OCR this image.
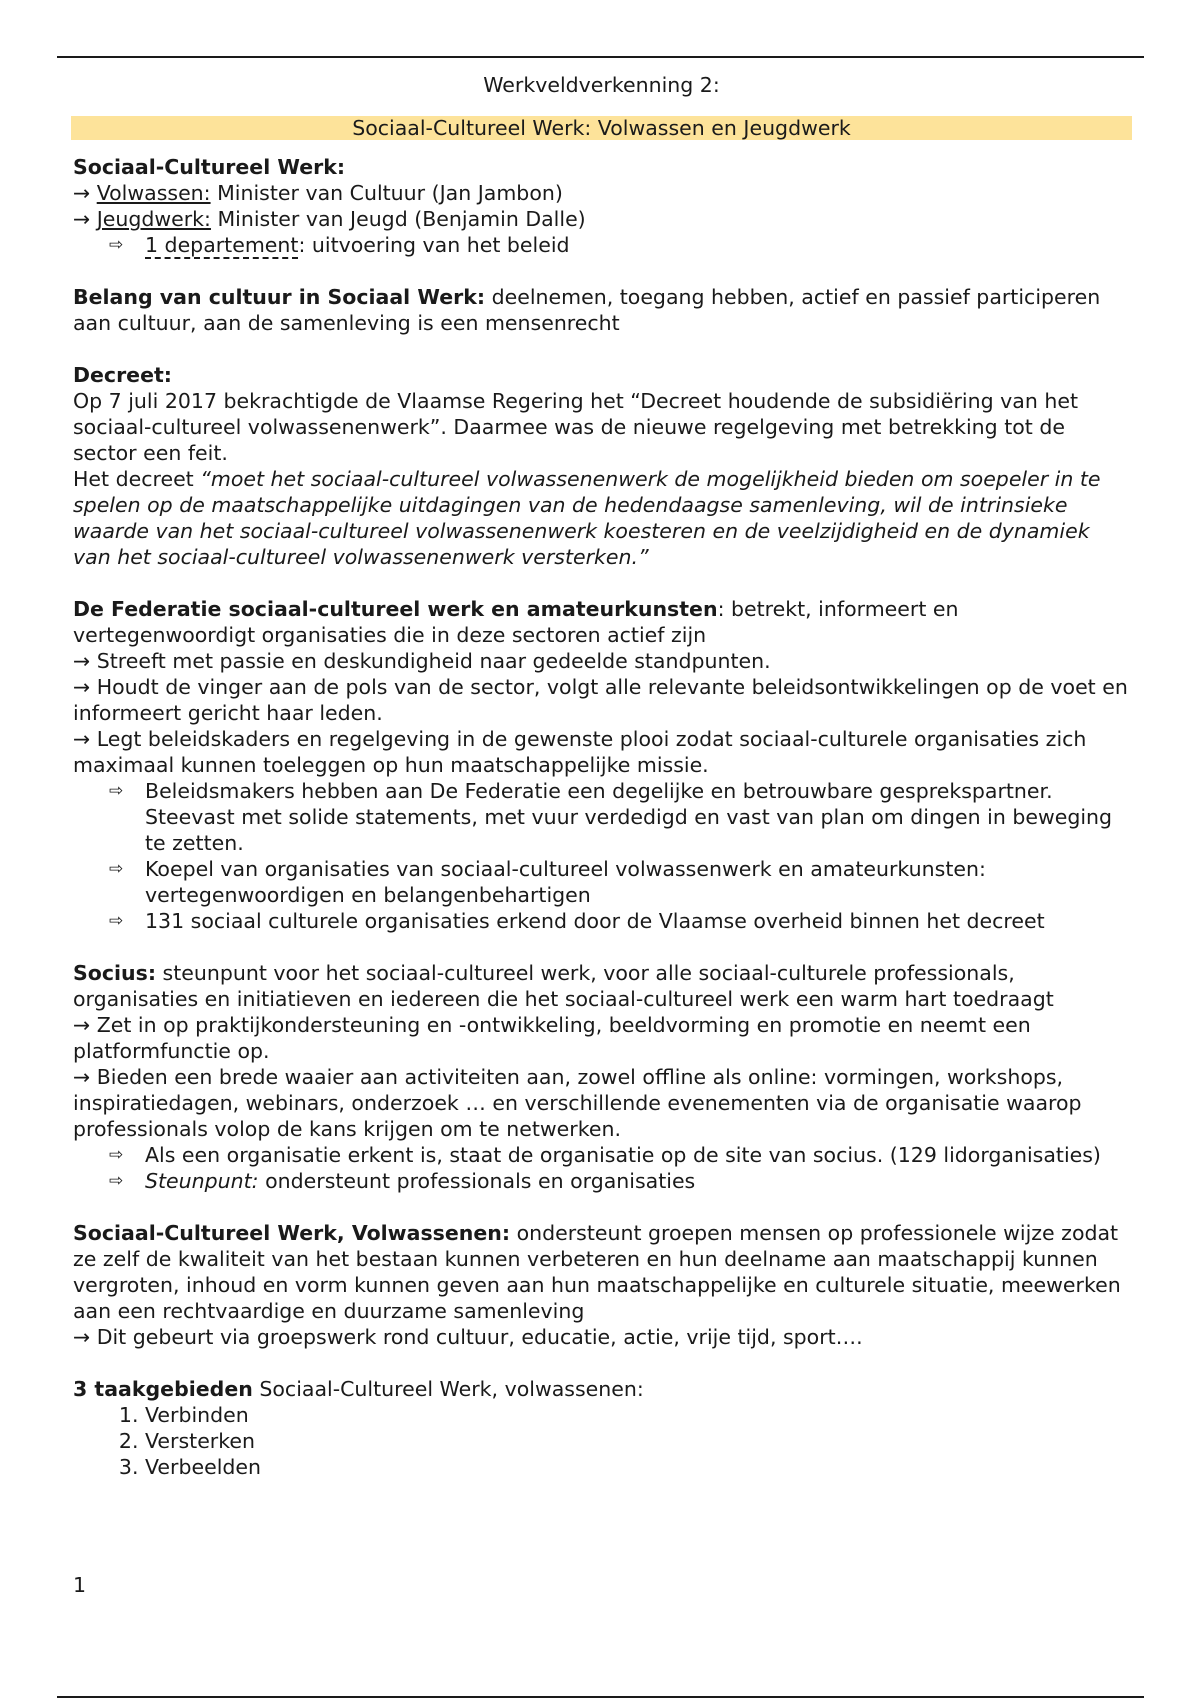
Werkveldverkenning 2:

Sociaal-Cultureel Werk: Volwassen en Jeugdwerk

Sociaal-Cultureel Werk:

→ Volwassen: Minister van Cultuur (Jan Jambon)

→ Jeugdwerk: Minister van Jeugd (Benjamin Dalle)

⇨ 1 departement: uitvoering van het beleid

Belang van cultuur in Sociaal Werk: deelnemen, toegang hebben, actief en passief participeren aan cultuur, aan de samenleving is een mensenrecht

Decreet:

Op 7 juli 2017 bekrachtigde de Vlaamse Regering het “Decreet houdende de subsidiëring van het sociaal-cultureel volwassenenwerk”. Daarmee was de nieuwe regelgeving met betrekking tot de sector een feit.

Het decreet “moet het sociaal-cultureel volwassenenwerk de mogelijkheid bieden om soepeler in te spelen op de maatschappelijke uitdagingen van de hedendaagse samenleving, wil de intrinsieke waarde van het sociaal-cultureel volwassenenwerk koesteren en de veelzijdigheid en de dynamiek van het sociaal-cultureel volwassenenwerk versterken.”

De Federatie sociaal-cultureel werk en amateurkunsten: betrekt, informeert en vertegenwoordigt organisaties die in deze sectoren actief zijn

→ Streeft met passie en deskundigheid naar gedeelde standpunten.

→ Houdt de vinger aan de pols van de sector, volgt alle relevante beleidsontwikkelingen op de voet en informeert gericht haar leden.

→ Legt beleidskaders en regelgeving in de gewenste plooi zodat sociaal-culturele organisaties zich maximaal kunnen toeleggen op hun maatschappelijke missie.

⇨ Beleidsmakers hebben aan De Federatie een degelijke en betrouwbare gesprekspartner. Steevast met solide statements, met vuur verdedigd en vast van plan om dingen in beweging te zetten.

⇨ Koepel van organisaties van sociaal-cultureel volwassenwerk en amateurkunsten: vertegenwoordigen en belangenbehartigen

⇨ 131 sociaal culturele organisaties erkend door de Vlaamse overheid binnen het decreet

Socius: steunpunt voor het sociaal-cultureel werk, voor alle sociaal-culturele professionals, organisaties en initiatieven en iedereen die het sociaal-cultureel werk een warm hart toedraagt

→ Zet in op praktijkondersteuning en -ontwikkeling, beeldvorming en promotie en neemt een platformfunctie op.

→ Bieden een brede waaier aan activiteiten aan, zowel offline als online: vormingen, workshops, inspiratiedagen, webinars, onderzoek … en verschillende evenementen via de organisatie waarop professionals volop de kans krijgen om te netwerken.

⇨ Als een organisatie erkent is, staat de organisatie op de site van socius. (129 lidorganisaties)

⇨ Steunpunt: ondersteunt professionals en organisaties

Sociaal-Cultureel Werk, Volwassenen: ondersteunt groepen mensen op professionele wijze zodat ze zelf de kwaliteit van het bestaan kunnen verbeteren en hun deelname aan maatschappij kunnen vergroten, inhoud en vorm kunnen geven aan hun maatschappelijke en culturele situatie, meewerken aan een rechtvaardige en duurzame samenleving

→ Dit gebeurt via groepswerk rond cultuur, educatie, actie, vrije tijd, sport….

3 taakgebieden Sociaal-Cultureel Werk, volwassenen:

1. Verbinden
2. Versterken
3. Verbeelden
1
